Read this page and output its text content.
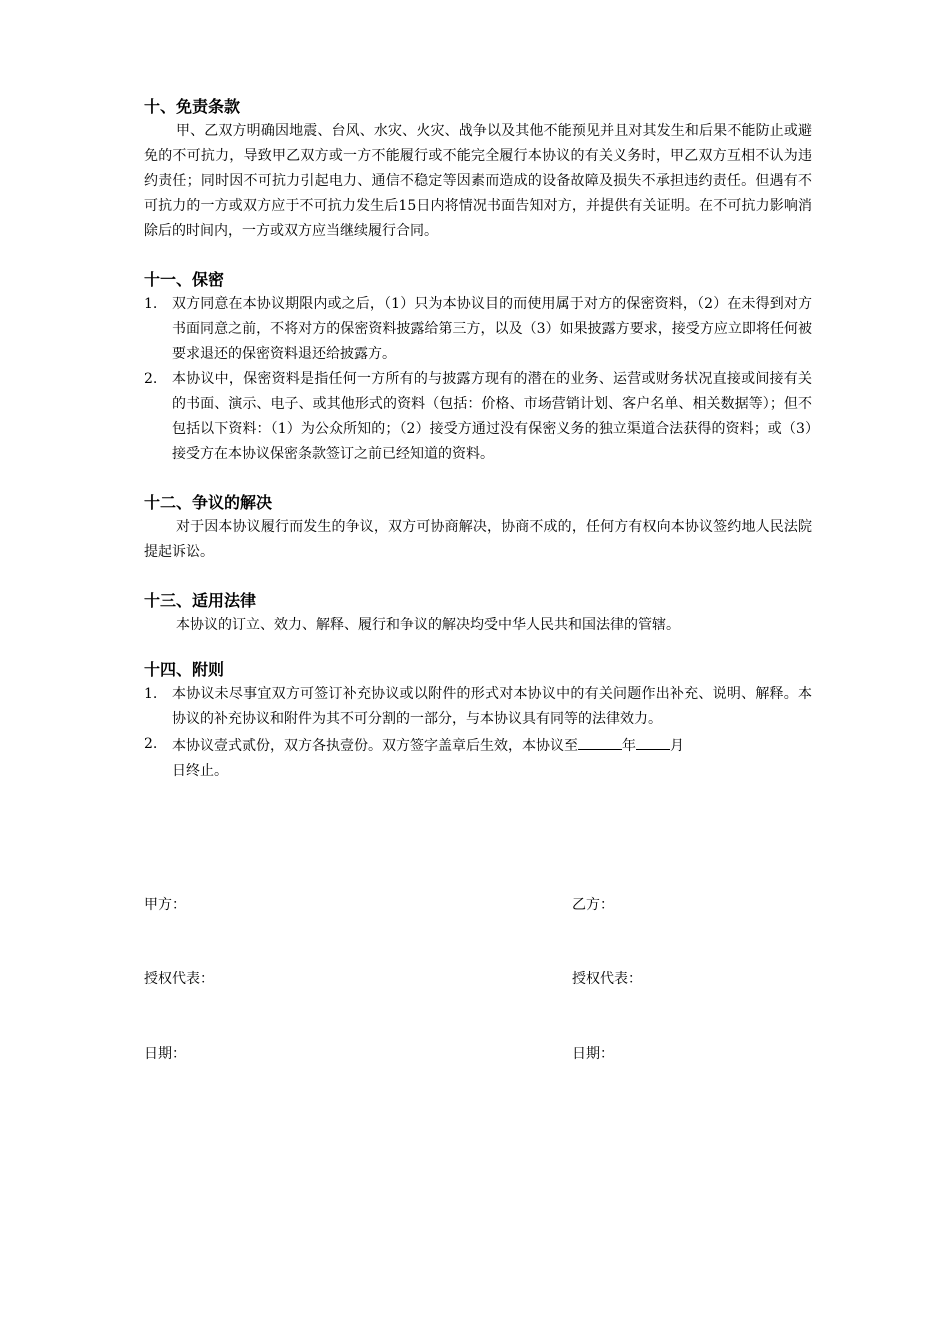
十、免责条款

甲、乙双方明确因地震、台风、水灾、火灾、战争以及其他不能预见并且对其发生和后果不能防止或避免的不可抗力，导致甲乙双方或一方不能履行或不能完全履行本协议的有关义务时，甲乙双方互相不认为违约责任；同时因不可抗力引起电力、通信不稳定等因素而造成的设备故障及损失不承担违约责任。但遇有不可抗力的一方或双方应于不可抗力发生后15日内将情况书面告知对方，并提供有关证明。在不可抗力影响消除后的时间内，一方或双方应当继续履行合同。

十一、保密
1.	双方同意在本协议期限内或之后，（1）只为本协议目的而使用属于对方的保密资料，（2）在未得到对方书面同意之前，不将对方的保密资料披露给第三方，以及（3）如果披露方要求，接受方应立即将任何被要求退还的保密资料退还给披露方。
2.	本协议中，保密资料是指任何一方所有的与披露方现有的潜在的业务、运营或财务状况直接或间接有关的书面、演示、电子、或其他形式的资料（包括：价格、市场营销计划、客户名单、相关数据等）；但不包括以下资料：（1）为公众所知的；（2）接受方通过没有保密义务的独立渠道合法获得的资料；或（3）接受方在本协议保密条款签订之前已经知道的资料。
十二、争议的解决

对于因本协议履行而发生的争议，双方可协商解决，协商不成的，任何方有权向本协议签约地人民法院提起诉讼。

十三、适用法律

本协议的订立、效力、解释、履行和争议的解决均受中华人民共和国法律的管辖。

十四、附则
1.	本协议未尽事宜双方可签订补充协议或以附件的形式对本协议中的有关问题作出补充、说明、解释。本协议的补充协议和附件为其不可分割的一部分，与本协议具有同等的法律效力。
2.	本协议壹式贰份，双方各执壹份。双方签字盖章后生效，本协议至	年 月
日终止。
甲方：	乙方：
授权代表：	授权代表：
日期：	日期：
